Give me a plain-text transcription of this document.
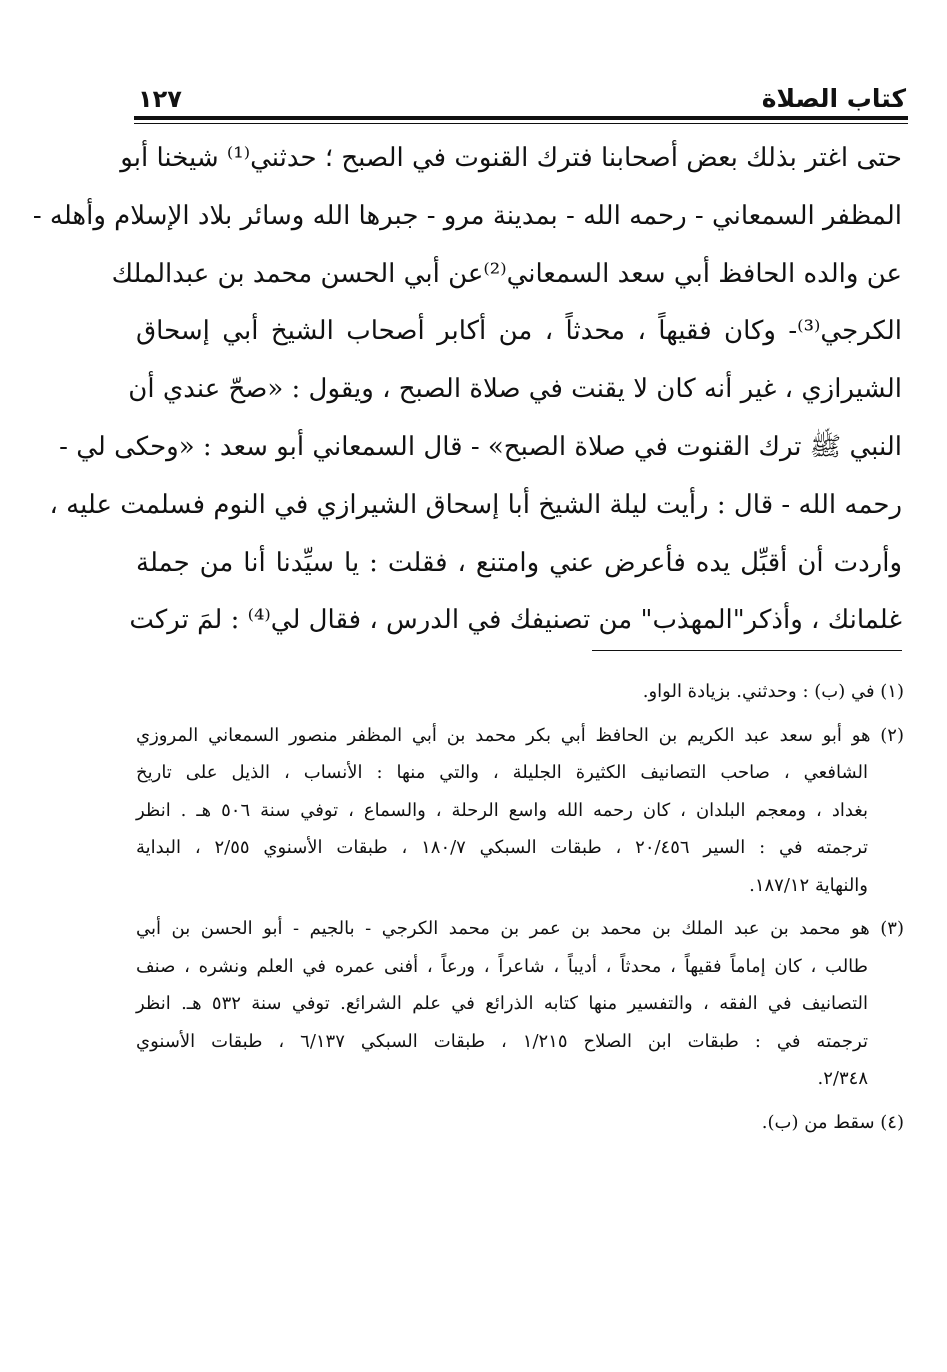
كتاب الصلاة
١٢٧
حتى اغتر بذلك بعض أصحابنا فترك القنوت في الصبح ؛ حدثني⁽¹⁾ شيخنا أبو
المظفر السمعاني - رحمه الله - بمدينة مرو - جبرها الله وسائر بلاد الإسلام وأهله -
عن والده الحافظ أبي سعد السمعاني⁽²⁾عن أبي الحسن محمد بن عبدالملك
الكرجي⁽³⁾- وكان فقيهاً ، محدثاً ، من أكابر أصحاب الشيخ أبي إسحاق
الشيرازي ، غير أنه كان لا يقنت في صلاة الصبح ، ويقول : «صحّ عندي أن
النبي ﷺ ترك القنوت في صلاة الصبح» - قال السمعاني أبو سعد : «وحكى لي -
رحمه الله - قال : رأيت ليلة الشيخ أبا إسحاق الشيرازي في النوم فسلمت عليه ،
وأردت أن أقبِّل يده فأعرض عني وامتنع ، فقلت : يا سيِّدنا أنا من جملة
غلمانك ، وأذكر"المهذب" من تصنيفك في الدرس ، فقال لي⁽⁴⁾ : لمَ تركت
(١) في (ب) : وحدثني. بزيادة الواو.
(٢) هو أبو سعد عبد الكريم بن الحافظ أبي بكر محمد بن أبي المظفر منصور السمعاني المروزي
الشافعي ، صاحب التصانيف الكثيرة الجليلة ، والتي منها : الأنساب ، الذيل على تاريخ
بغداد ، ومعجم البلدان ، كان رحمه الله واسع الرحلة ، والسماع ، توفي سنة ٥٠٦ هـ . انظر
ترجمته في : السير ٢٠/٤٥٦ ، طبقات السبكي ١٨٠/٧ ، طبقات الأسنوي ٢/٥٥ ، البداية
والنهاية ١٨٧/١٢.
(٣) هو محمد بن عبد الملك بن محمد بن عمر بن محمد الكرجي - بالجيم - أبو الحسن بن أبي
طالب ، كان إماماً فقيهاً ، محدثاً ، أديباً ، شاعراً ، ورعاً ، أفنى عمره في العلم ونشره ، صنف
التصانيف في الفقه ، والتفسير منها كتابه الذرائع في علم الشرائع. توفي سنة ٥٣٢ هـ. انظر
ترجمته في : طبقات ابن الصلاح ١/٢١٥ ، طبقات السبكي ٦/١٣٧ ، طبقات الأسنوي
٢/٣٤٨.
(٤) سقط من (ب).
